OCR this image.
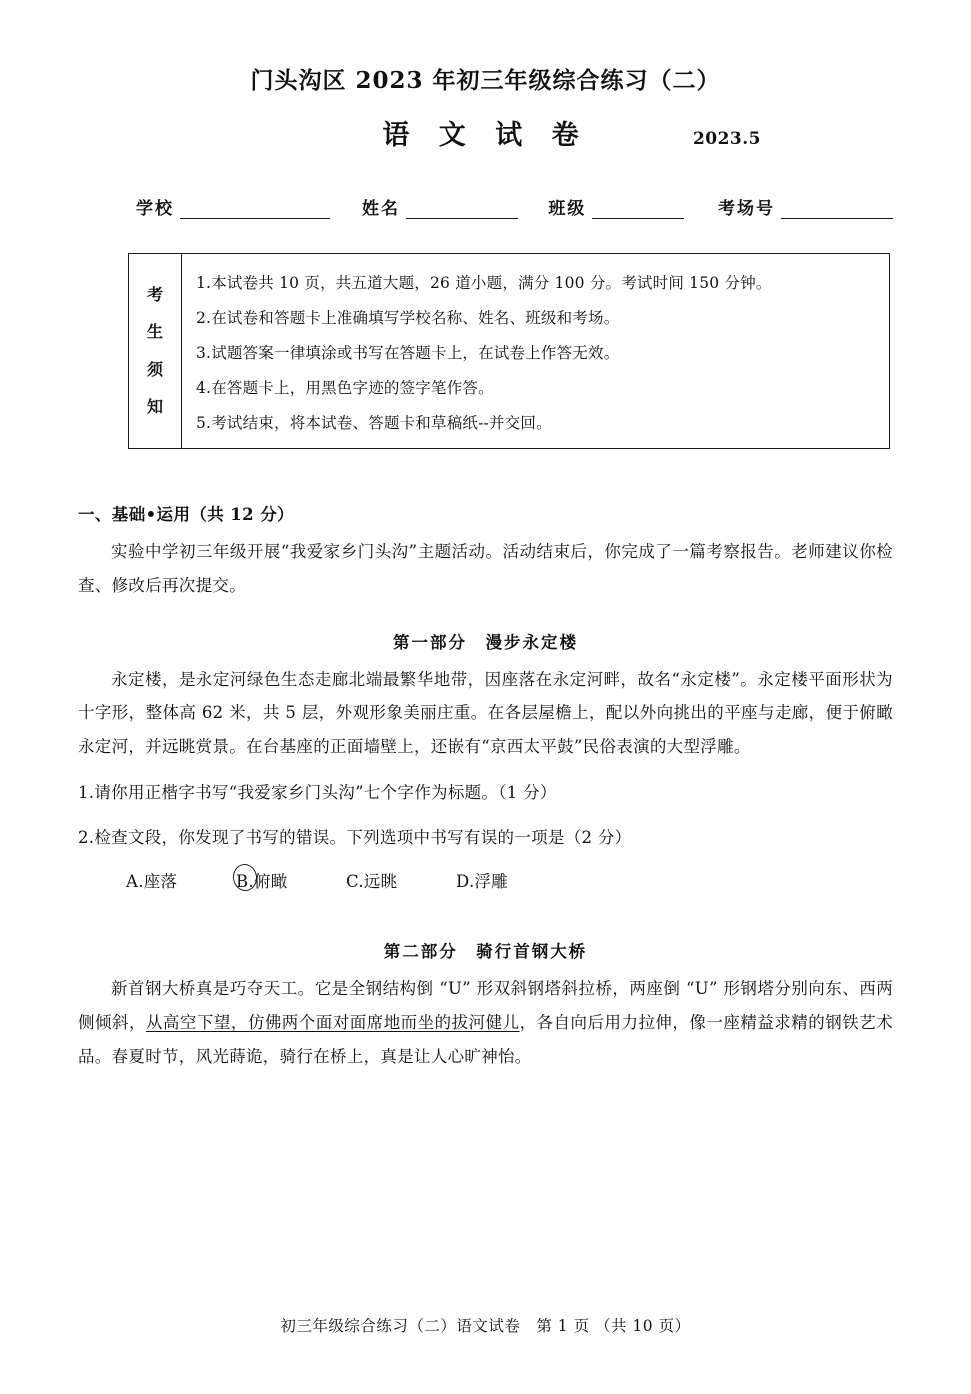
门头沟区 2023 年初三年级综合练习（二）
语 文 试 卷	2023.5
学校	姓名	班级	考场号
考
生
须
知
1.本试卷共 10 页，共五道大题，26 道小题，满分 100 分。考试时间 150 分钟。
2.在试卷和答题卡上准确填写学校名称、姓名、班级和考场。
3.试题答案一律填涂或书写在答题卡上，在试卷上作答无效。
4.在答题卡上，用黑色字迹的签字笔作答。
5.考试结束，将本试卷、答题卡和草稿纸--并交回。
一、基础•运用（共 12 分）
实验中学初三年级开展“我爱家乡门头沟”主题活动。活动结束后，你完成了一篇考察报告。老师建议你检查、修改后再次提交。
第一部分　漫步永定楼
永定楼，是永定河绿色生态走廊北端最繁华地带，因座落在永定河畔，故名“永定楼”。永定楼平面形状为十字形，整体高 62 米，共 5 层，外观形象美丽庄重。在各层屋檐上，配以外向挑出的平座与走廊，便于俯瞰永定河，并远眺赏景。在台基座的正面墙壁上，还嵌有“京西太平鼓”民俗表演的大型浮雕。
1.请你用正楷字书写“我爱家乡门头沟”七个字作为标题。（1 分）
2.检查文段，你发现了书写的错误。下列选项中书写有误的一项是（2 分）
A.座落	B.俯瞰	C.远眺	D.浮雕
第二部分　骑行首钢大桥
新首钢大桥真是巧夺天工。它是全钢结构倒 “U” 形双斜钢塔斜拉桥，两座倒 “U” 形钢塔分别向东、西两侧倾斜，从高空下望，仿佛两个面对面席地而坐的拔河健儿，各自向后用力拉伸，像一座精益求精的钢铁艺术品。春夏时节，风光蒔诡，骑行在桥上，真是让人心旷神怡。
初三年级综合练习（二）语文试卷　第 1 页 （共 10 页）
